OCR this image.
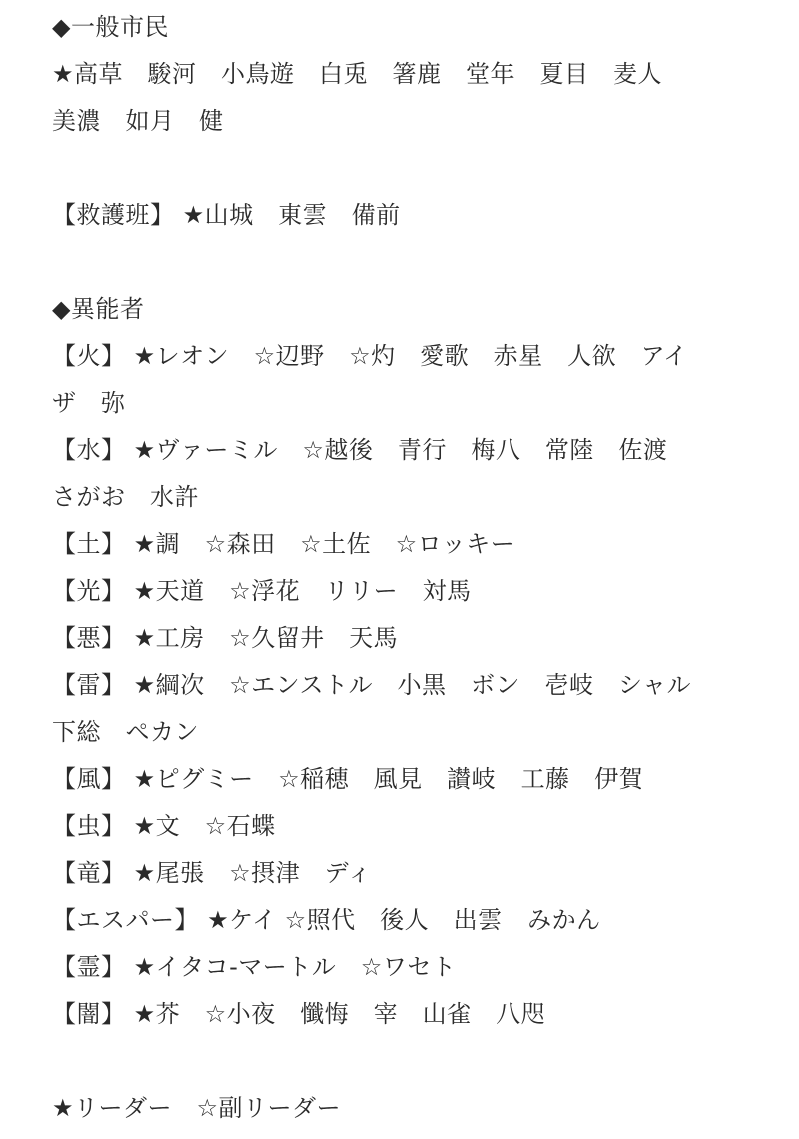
◆一般市民
★高草　駿河　小鳥遊　白兎　箸鹿　堂年　夏目　麦人
美濃　如月　健
【救護班】 ★山城　東雲　備前
◆異能者
【火】 ★レオン　☆辺野　☆灼　愛歌　赤星　人欲　アイ
ザ　弥
【水】 ★ヴァーミル　☆越後　青行　梅八　常陸　佐渡
さがお　水許
【土】 ★調　☆森田　☆土佐　☆ロッキー
【光】 ★天道　☆浮花　リリー　対馬
【悪】 ★工房　☆久留井　天馬
【雷】 ★綱次　☆エンストル　小黒　ボン　壱岐　シャル
下総　ペカン
【風】 ★ピグミー　☆稲穂　風見　讃岐　工藤　伊賀
【虫】 ★文　☆石蝶
【竜】 ★尾張　☆摂津　ディ
【エスパー】 ★ケイ ☆照代　後人　出雲　みかん
【霊】 ★イタコ-マートル　☆ワセト
【闇】 ★芥　☆小夜　懺悔　宰　山雀　八咫
★リーダー　☆副リーダー
